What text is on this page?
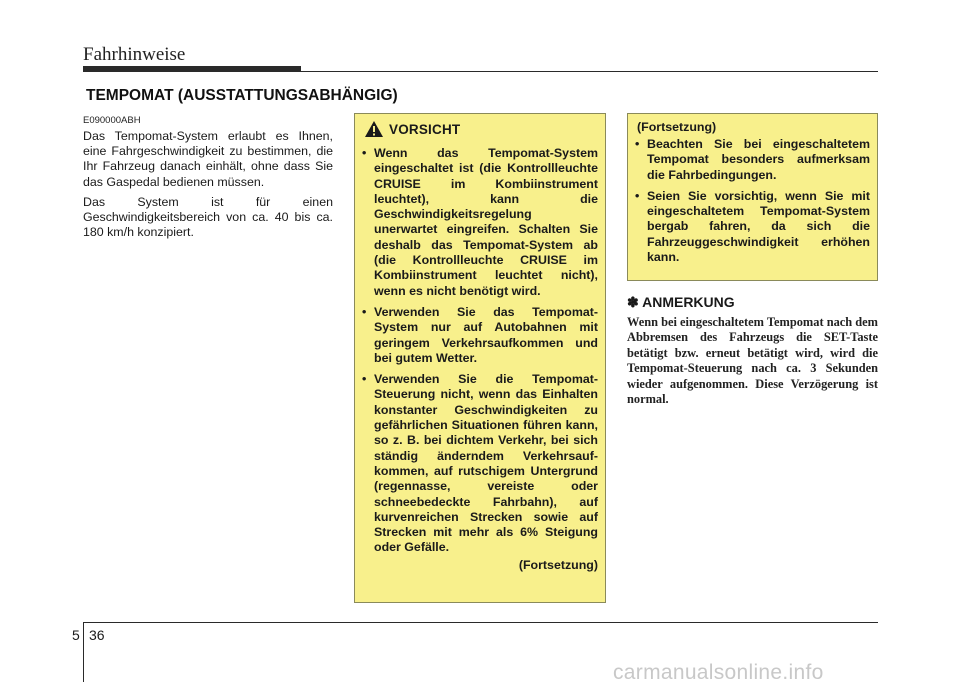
Fahrhinweise
TEMPOMAT (AUSSTATTUNGSABHÄNGIG)
E090000ABH

Das Tempomat-System erlaubt es Ihnen, eine Fahrgeschwindigkeit zu bestimmen, die Ihr Fahrzeug danach einhält, ohne dass Sie das Gaspedal bedienen müssen.

Das System ist für einen Geschwindigkeitsbereich von ca. 40 bis ca. 180 km/h konzipiert.

VORSICHT
• Wenn das Tempomat-System eingeschaltet ist (die Kontrollleuchte CRUISE im Kombiinstrument leuchtet), kann die Geschwindigkeitsregelung unerwartet eingreifen. Schalten Sie deshalb das Tempomat-System ab (die Kontrollleuchte CRUISE im Kombiinstrument leuchtet nicht), wenn es nicht benötigt wird.
• Verwenden Sie das Tempomat-System nur auf Autobahnen mit geringem Verkehrsaufkommen und bei gutem Wetter.
• Verwenden Sie die Tempomat-Steuerung nicht, wenn das Einhalten konstanter Geschwindigkeiten zu gefährlichen Situationen führen kann, so z. B. bei dichtem Verkehr, bei sich ständig änderndem Verkehrsaufkommen, auf rutschigem Untergrund (regennasse, vereiste oder schneebedeckte Fahrbahn), auf kurvenreichen Strecken sowie auf Strecken mit mehr als 6% Steigung oder Gefälle.
(Fortsetzung)
(Fortsetzung)
• Beachten Sie bei eingeschaltetem Tempomat besonders aufmerksam die Fahrbedingungen.
• Seien Sie vorsichtig, wenn Sie mit eingeschaltetem Tempomat-System bergab fahren, da sich die Fahrzeuggeschwindigkeit erhöhen kann.
✽ ANMERKUNG
Wenn bei eingeschaltetem Tempomat nach dem Abbremsen des Fahrzeugs die SET-Taste betätigt bzw. erneut betätigt wird, wird die Tempomat-Steuerung nach ca. 3 Sekunden wieder aufgenommen. Diese Verzögerung ist normal.
5 36
carmanualsonline.info
